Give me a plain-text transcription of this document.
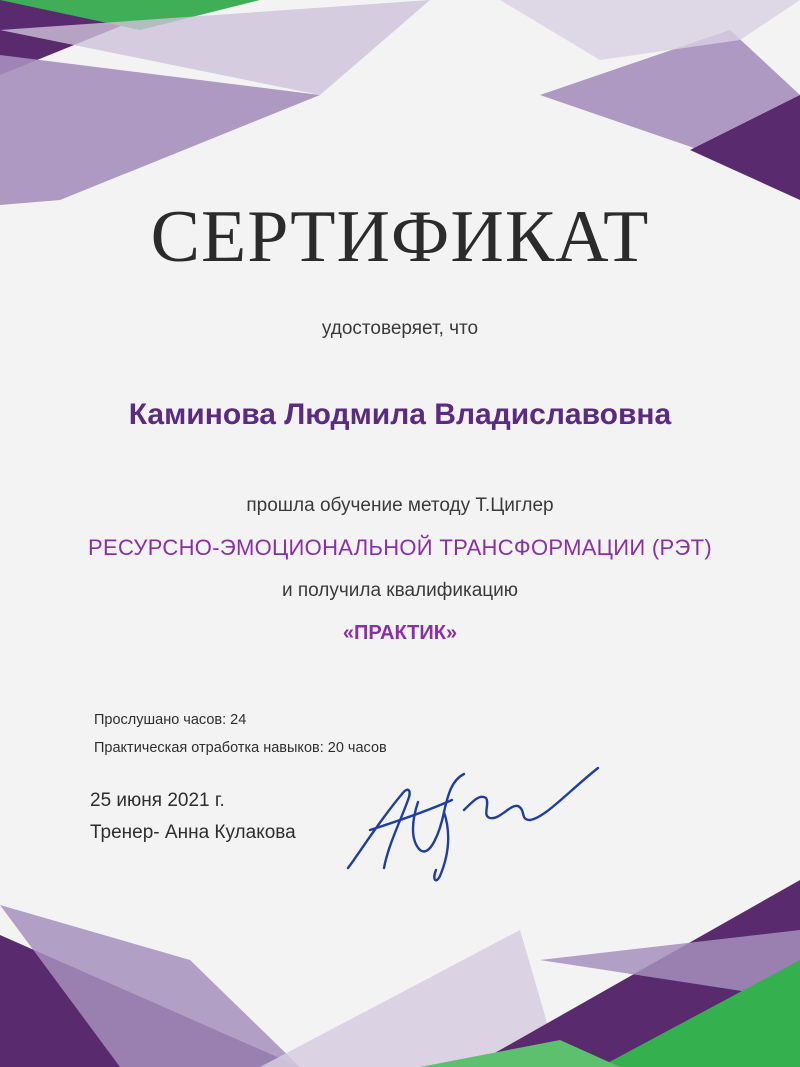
СЕРТИФИКАТ
удостоверяет, что
Каминова Людмила Владиславовна
прошла обучение методу Т.Циглер
РЕСУРСНО-ЭМОЦИОНАЛЬНОЙ ТРАНСФОРМАЦИИ (РЭТ)
и получила квалификацию
«ПРАКТИК»
Прослушано часов: 24
Практическая отработка навыков: 20 часов
25 июня 2021 г.
Тренер- Анна Кулакова
